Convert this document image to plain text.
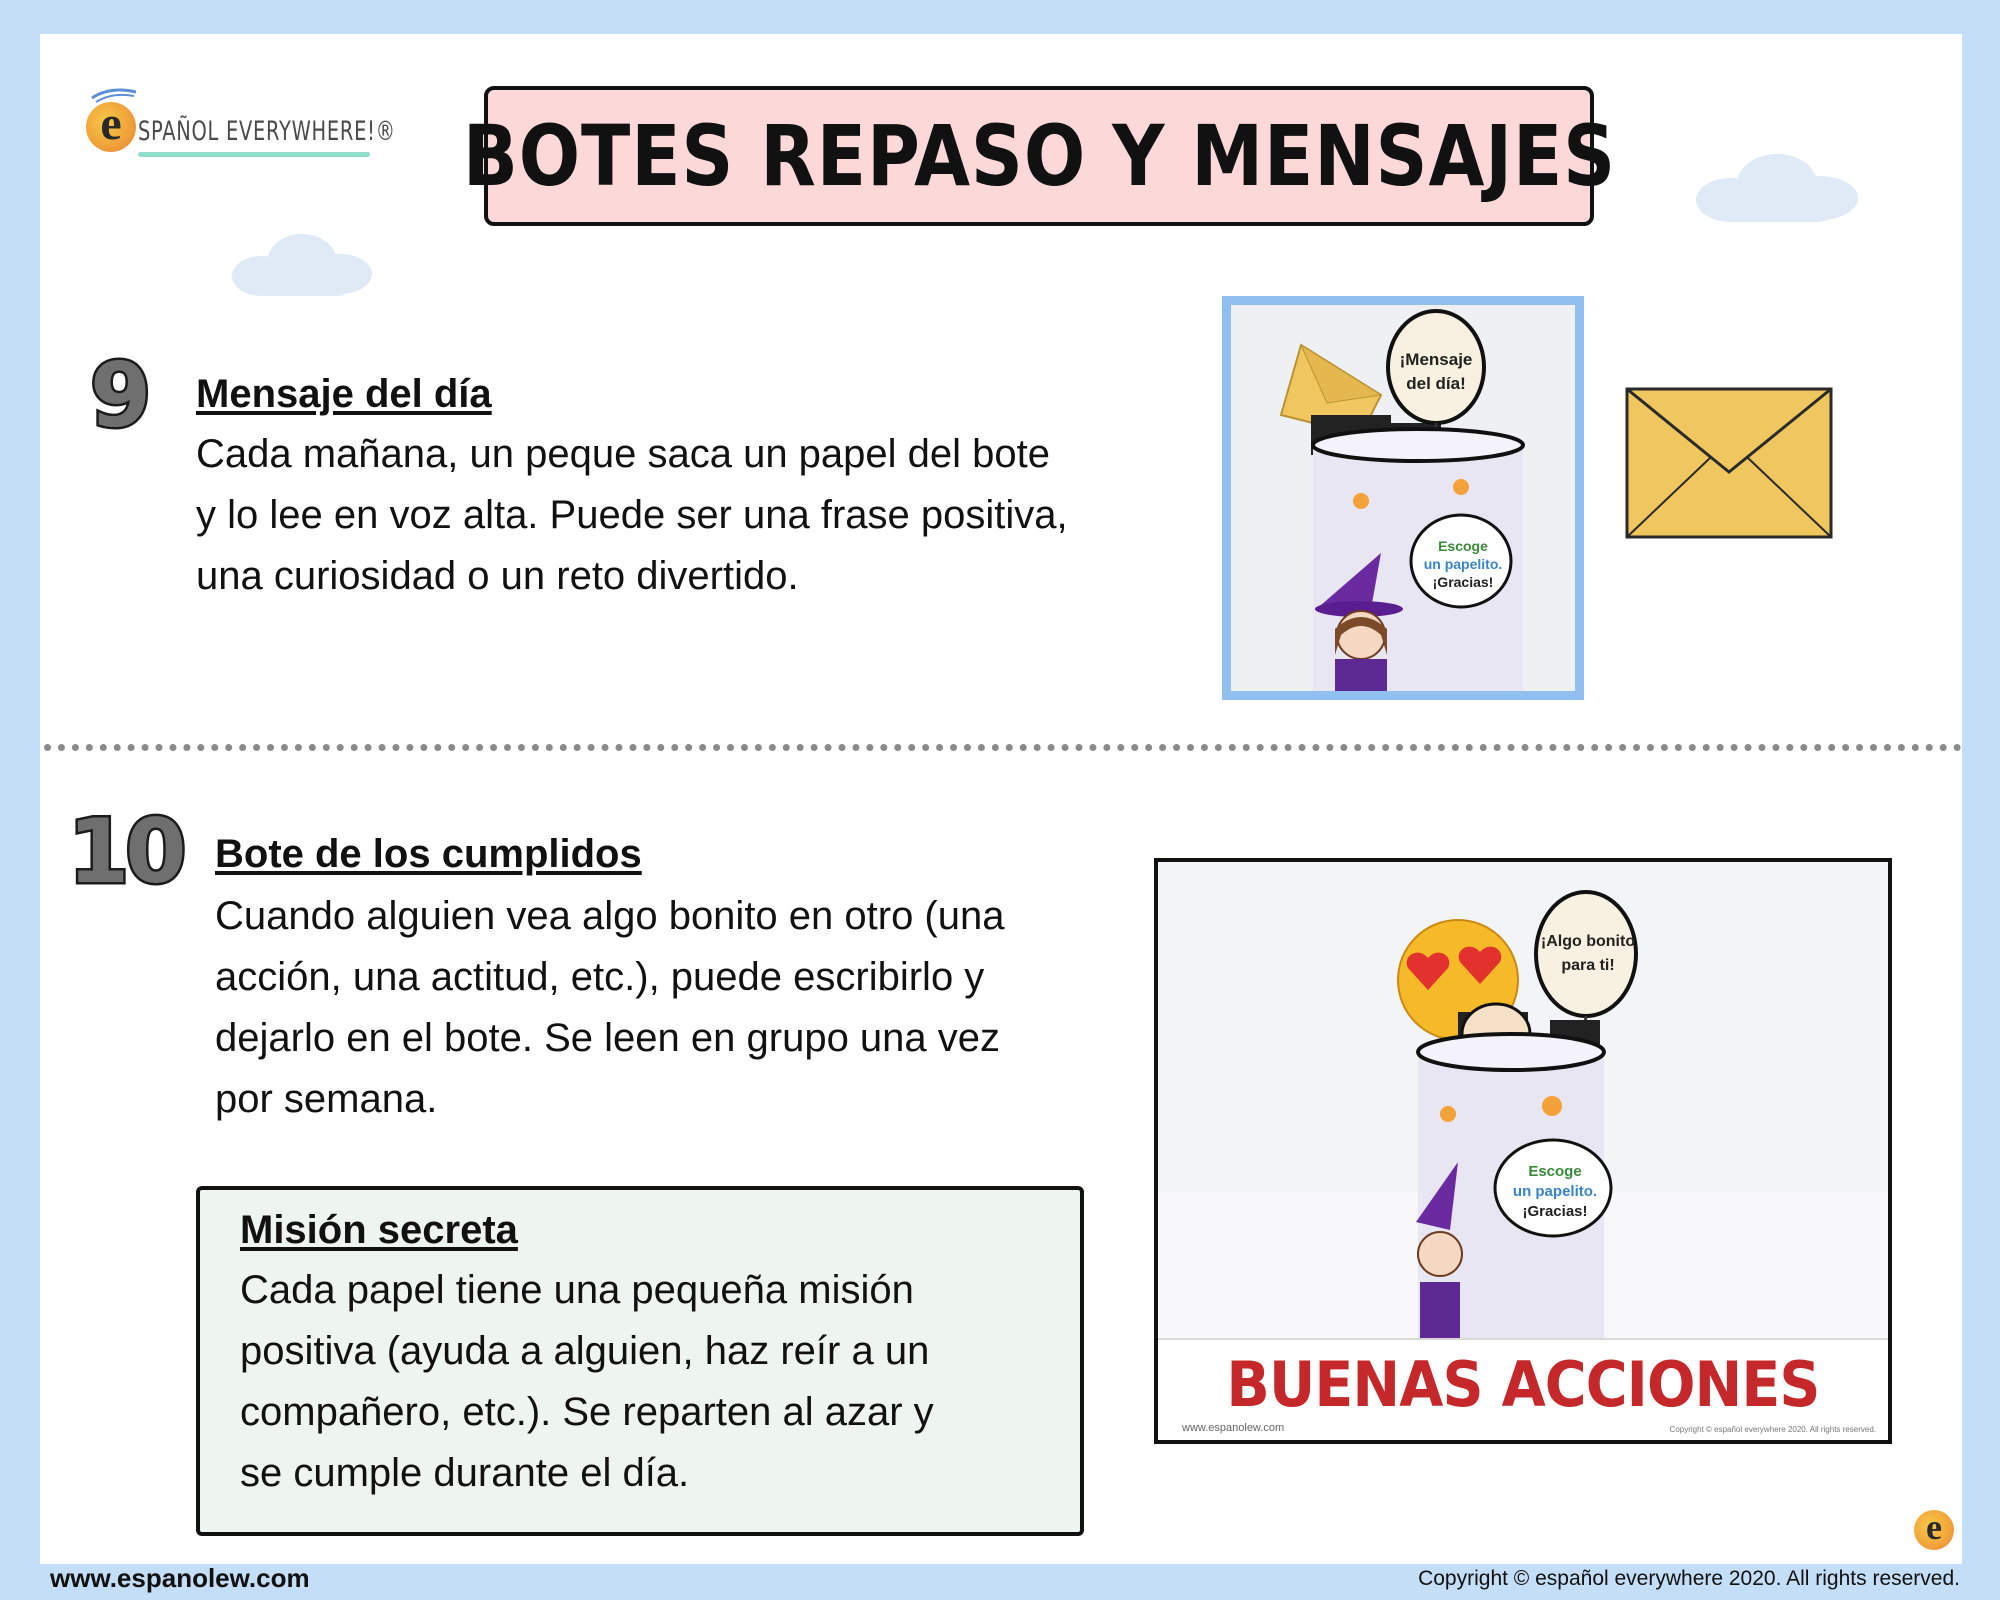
e SPAÑOL EVERYWHERE!® BOTES REPASO Y MENSAJES
9 Mensaje del día
Cada mañana, un peque saca un papel del bote
y lo lee en voz alta. Puede ser una frase positiva,
una curiosidad o un reto divertido.
¡Mensaje
del día!
Escoge
un papelito.
¡Gracias!
10 Bote de los cumplidos
Cuando alguien vea algo bonito en otro (una
acción, una actitud, etc.), puede escribirlo y
dejarlo en el bote. Se leen en grupo una vez
por semana.
¡Algo bonito
para ti!
Escoge
un papelito.
¡Gracias!
BUENAS ACCIONES
www.espanolew.com	Copyright © español everywhere 2020. All rights reserved.
Misión secreta
Cada papel tiene una pequeña misión
positiva (ayuda a alguien, haz reír a un
compañero, etc.). Se reparten al azar y
se cumple durante el día.
e
www.espanolew.com	Copyright © español everywhere 2020. All rights reserved.
